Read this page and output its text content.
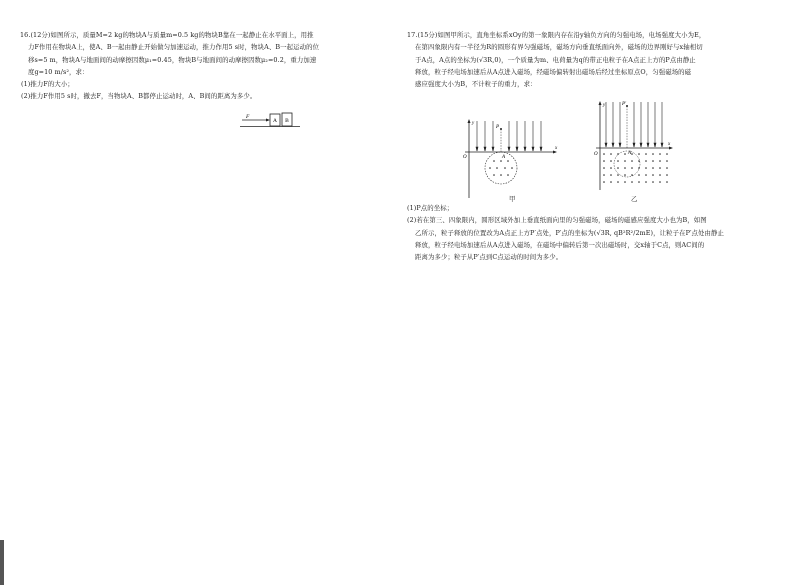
16.(12分)如图所示，质量M=2 kg的物块A与质量m=0.5 kg的物块B靠在一起静止在水平面上，用推

力F作用在物块A上，使A、B一起由静止开始做匀加速运动，推力作用5 s时，物块A、B一起运动的位

移s=5 m，物块A与地面间的动摩擦因数μ₁=0.45，物块B与地面间的动摩擦因数μ₂=0.2，重力加速

度g=10 m/s²，求：

(1)推力F的大小；

(2)推力F作用5 s时，撤去F，当物块A、B都停止运动时，A、B间的距离为多少。

F
A B

17.(15分)如图甲所示，直角坐标系xOy的第一象限内存在沿y轴负方向的匀强电场，电场强度大小为E，

在第四象限内有一半径为R的圆形有界匀强磁场，磁场方向垂直纸面向外，磁场的边界刚好与x轴相切

于A点，A点的坐标为(√3R,0)，一个质量为m、电荷量为q的带正电粒子在A点正上方的P点由静止

释放，粒子经电场加速后从A点进入磁场，经磁场偏转射出磁场后经过坐标原点O，匀强磁场的磁

感应强度大小为B，不计粒子的重力，求：

y
x
O
P
A
甲
y
x
O
P′
A
乙

(1)P点的坐标；

(2)若在第三、四象限内，圆形区域外加上垂直纸面向里的匀强磁场，磁场的磁感应强度大小也为B，如图

乙所示，粒子释放的位置改为A点正上方P′点处，P′点的坐标为(√3R, qB²R²/2mE)，让粒子在P′点处由静止

释放，粒子经电场加速后从A点进入磁场，在磁场中偏转后第一次出磁场时，交x轴于C点，则AC间的

距离为多少；粒子从P′点到C点运动的时间为多少。
